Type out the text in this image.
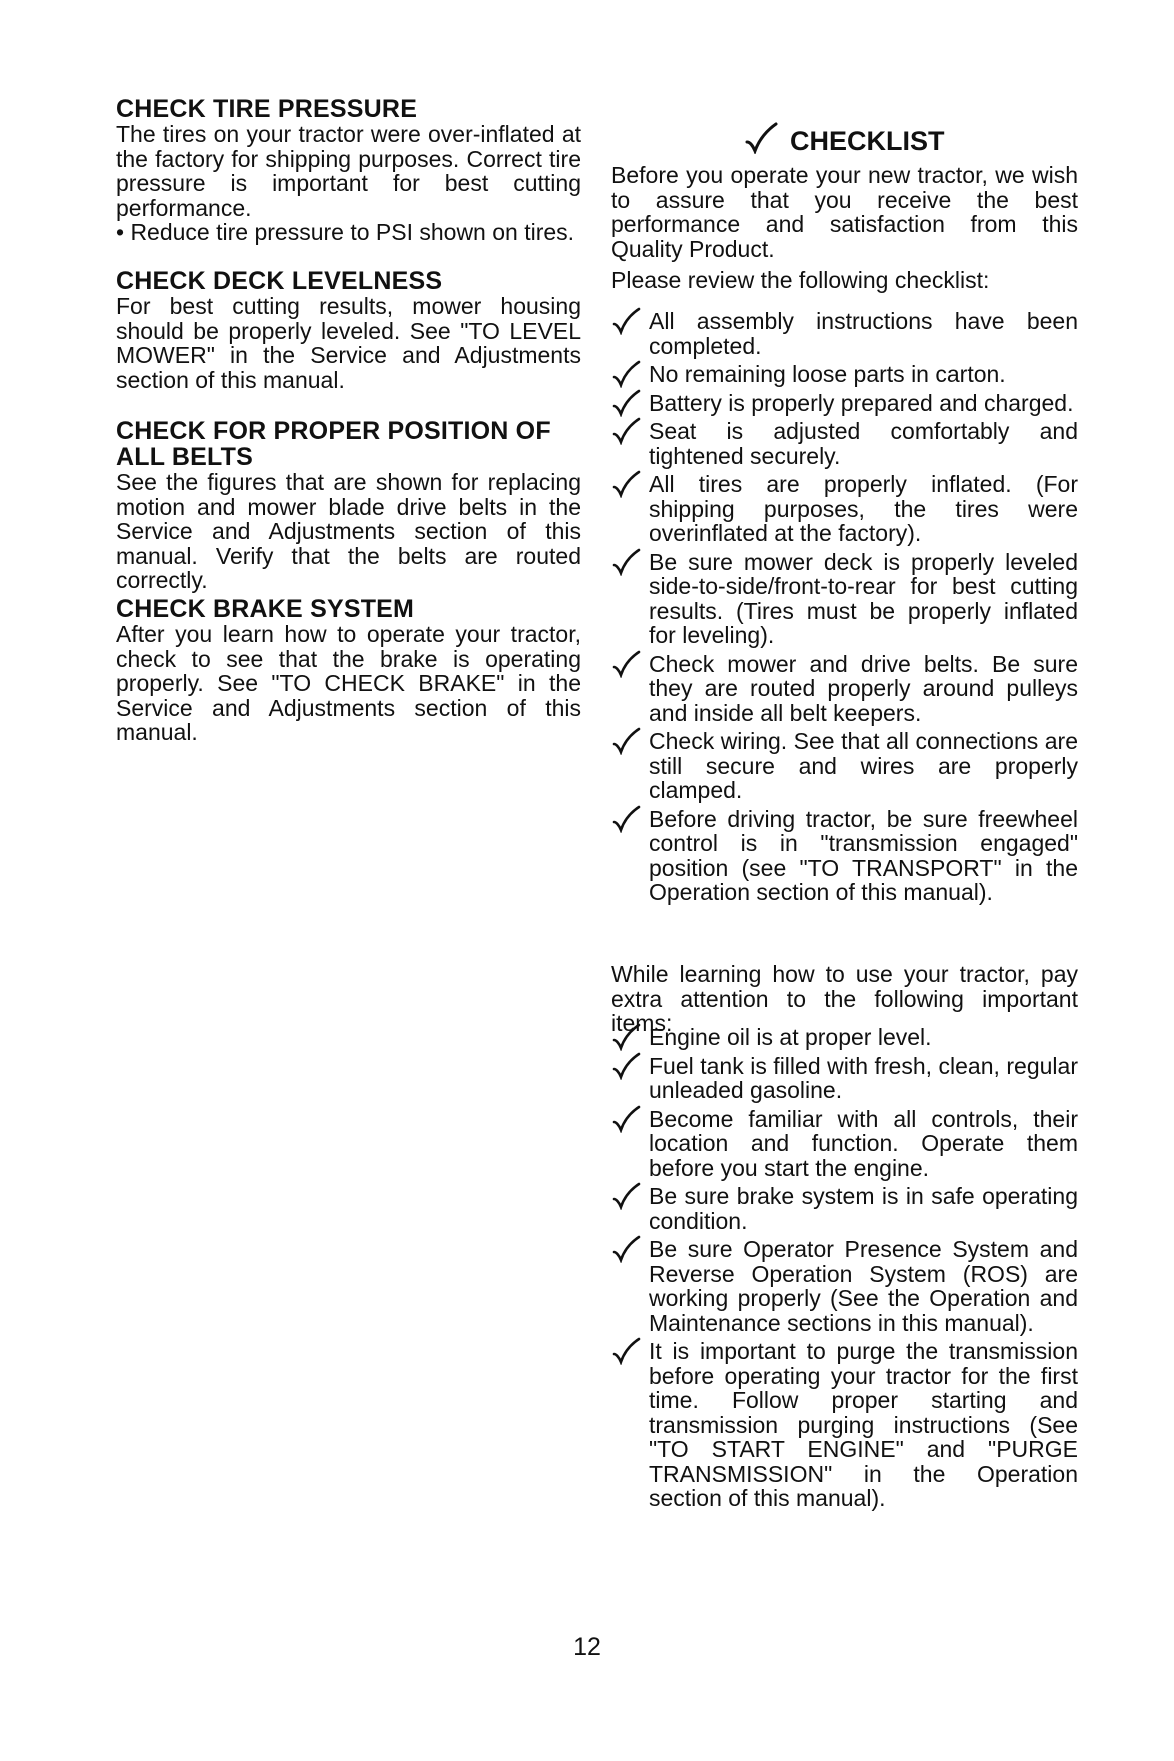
CHECK TIRE PRESSURE

The tires on your tractor were over-inflated at the factory for shipping purposes. Correct tire pressure is important for best cutting performance.

• Reduce tire pressure to PSI shown on tires.

CHECK DECK LEVELNESS

For best cutting results, mower housing should be properly leveled. See "TO LEVEL MOWER" in the Service and Adjustments section of this manual.

CHECK FOR PROPER POSITION OF ALL BELTS

See the figures that are shown for replacing motion and mower blade drive belts in the Service and Adjustments section of this manual. Verify that the belts are routed correctly.

CHECK BRAKE SYSTEM

After you learn how to operate your tractor, check to see that the brake is operating properly. See "TO CHECK BRAKE" in the Service and Adjustments section of this manual.

CHECKLIST

Before you operate your new tractor, we wish to assure that you receive the best performance and satisfaction from this Quality Product.

Please review the following checklist:

All assembly instructions have been completed.
No remaining loose parts in carton.
Battery is properly prepared and charged.
Seat is adjusted comfortably and tightened securely.
All tires are properly inflated. (For shipping purposes, the tires were overinflated at the factory).
Be sure mower deck is properly leveled side-to-side/front-to-rear for best cutting results. (Tires must be properly inflated for leveling).
Check mower and drive belts. Be sure they are routed properly around pulleys and inside all belt keepers.
Check wiring. See that all connections are still secure and wires are properly clamped.
Before driving tractor, be sure freewheel control is in "transmission engaged" position (see "TO TRANSPORT" in the Operation section of this manual).

While learning how to use your tractor, pay extra attention to the following important items:

Engine oil is at proper level.
Fuel tank is filled with fresh, clean, regular unleaded gasoline.
Become familiar with all controls, their location and function. Operate them before you start the engine.
Be sure brake system is in safe operating condition.
Be sure Operator Presence System and Reverse Operation System (ROS) are working properly (See the Operation and Maintenance sections in this manual).
It is important to purge the transmission before operating your tractor for the first time. Follow proper starting and transmission purging instructions (See "TO START ENGINE" and "PURGE TRANSMISSION" in the Operation section of this manual).
12
